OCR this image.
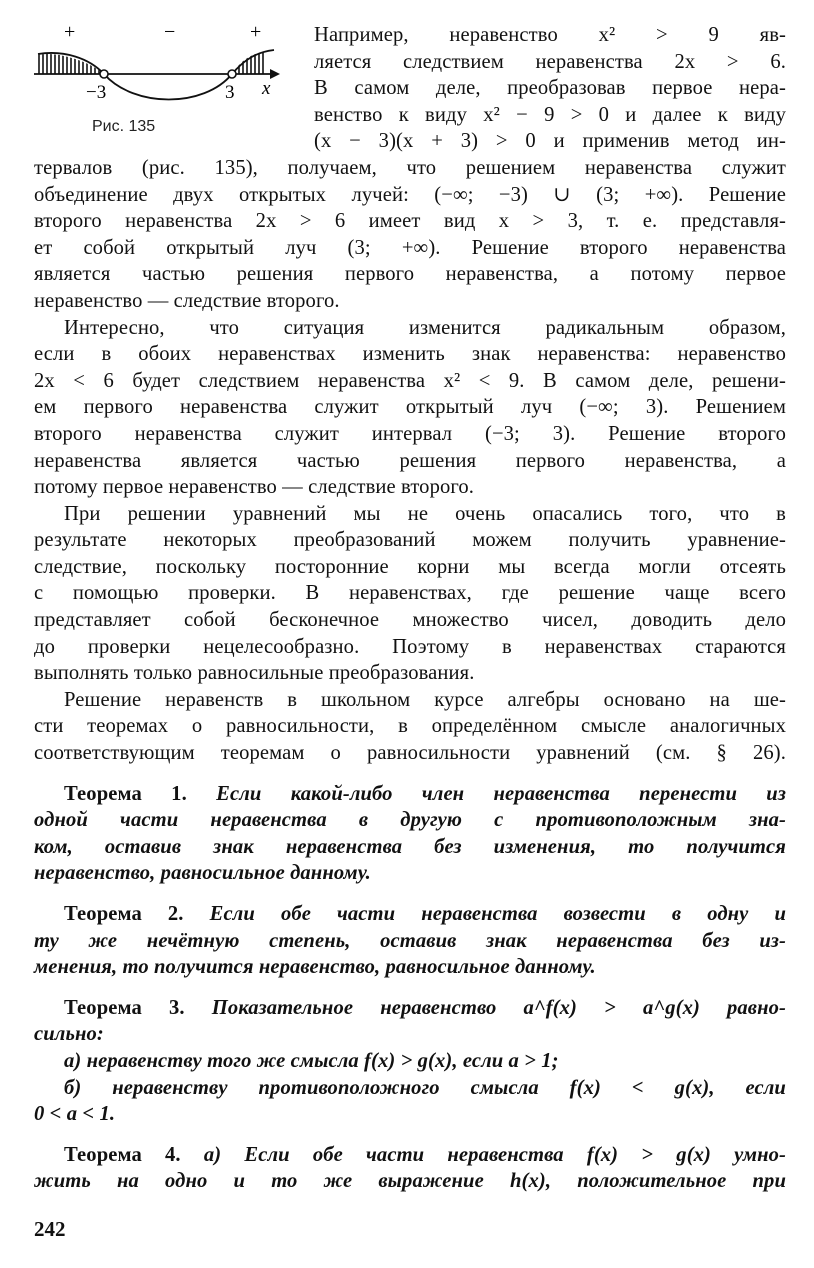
+	−	+
−3	3 x
Рис. 135
Например, неравенство x² > 9 яв-
ляется следствием неравенства 2x > 6.
В самом деле, преобразовав первое нера-
венство к виду x² − 9 > 0 и далее к виду
(x − 3)(x + 3) > 0 и применив метод ин-
тервалов (рис. 135), получаем, что решением неравенства служит
объединение двух открытых лучей: (−∞; −3) ∪ (3; +∞). Решение
второго неравенства 2x > 6 имеет вид x > 3, т. е. представля-
ет собой открытый луч (3; +∞). Решение второго неравенства
является частью решения первого неравенства, а потому первое
неравенство — следствие второго.
Интересно, что ситуация изменится радикальным образом,
если в обоих неравенствах изменить знак неравенства: неравенство
2x < 6 будет следствием неравенства x² < 9. В самом деле, решени-
ем первого неравенства служит открытый луч (−∞; 3). Решением
второго неравенства служит интервал (−3; 3). Решение второго
неравенства является частью решения первого неравенства, а
потому первое неравенство — следствие второго.
При решении уравнений мы не очень опасались того, что в
результате некоторых преобразований можем получить уравнение-
следствие, поскольку посторонние корни мы всегда могли отсеять
с помощью проверки. В неравенствах, где решение чаще всего
представляет собой бесконечное множество чисел, доводить дело
до проверки нецелесообразно. Поэтому в неравенствах стараются
выполнять только равносильные преобразования.
Решение неравенств в школьном курсе алгебры основано на ше-
сти теоремах о равносильности, в определённом смысле аналогичных
соответствующим теоремам о равносильности уравнений (см. § 26).
Теорема 1. Если какой-либо член неравенства перенести из
одной части неравенства в другую с противоположным зна-
ком, оставив знак неравенства без изменения, то получится
неравенство, равносильное данному.
Теорема 2. Если обе части неравенства возвести в одну и
ту же нечётную степень, оставив знак неравенства без из-
менения, то получится неравенство, равносильное данному.
Теорема 3. Показательное неравенство a^f(x) > a^g(x) равно-
сильно:
а) неравенству того же смысла f(x) > g(x), если a > 1;
б) неравенству противоположного смысла f(x) < g(x), если
0 < a < 1.
Теорема 4. а) Если обе части неравенства f(x) > g(x) умно-
жить на одно и то же выражение h(x), положительное при
242
